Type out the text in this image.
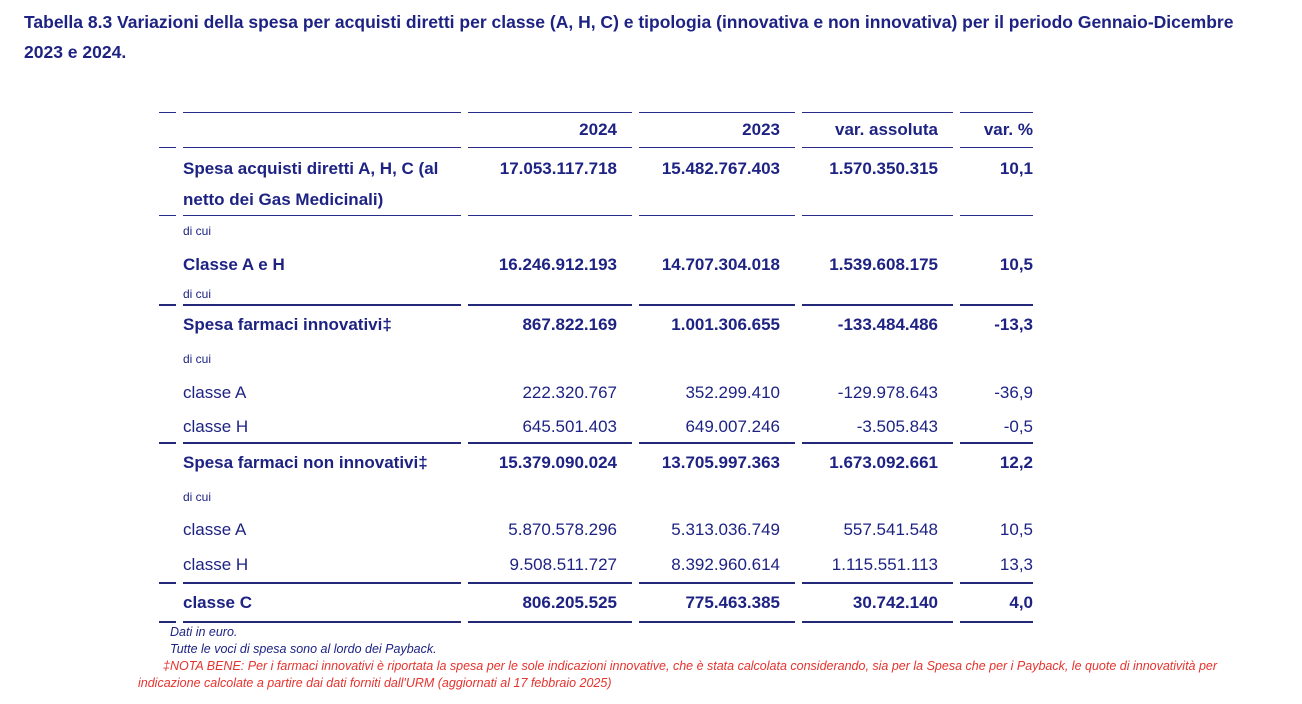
Tabella 8.3 Variazioni della spesa per acquisti diretti per classe (A, H, C) e tipologia (innovativa e non innovativa) per il periodo Gennaio-Dicembre
2023 e 2024.
		2024	2023	var. assoluta	var. %

	Spesa acquisti diretti A, H, C (al
netto dei Gas Medicinali)	17.053.117.718	15.482.767.403	1.570.350.315	10,1
	di cui				
	Classe A e H	16.246.912.193	14.707.304.018	1.539.608.175	10,5
	di cui				
	Spesa farmaci innovativi‡	867.822.169	1.001.306.655	-133.484.486	-13,3
	di cui				
	classe A	222.320.767	352.299.410	-129.978.643	-36,9
	classe H	645.501.403	649.007.246	-3.505.843	-0,5
	Spesa farmaci non innovativi‡	15.379.090.024	13.705.997.363	1.673.092.661	12,2
	di cui				
	classe A	5.870.578.296	5.313.036.749	557.541.548	10,5
	classe H	9.508.511.727	8.392.960.614	1.115.551.113	13,3
	classe C	806.205.525	775.463.385	30.742.140	4,0
Dati in euro.
Tutte le voci di spesa sono al lordo dei Payback.
‡NOTA BENE: Per i farmaci innovativi è riportata la spesa per le sole indicazioni innovative, che è stata calcolata considerando, sia per la Spesa che per i Payback, le quote di innovatività per
indicazione calcolate a partire dai dati forniti dall'URM (aggiornati al 17 febbraio 2025)
